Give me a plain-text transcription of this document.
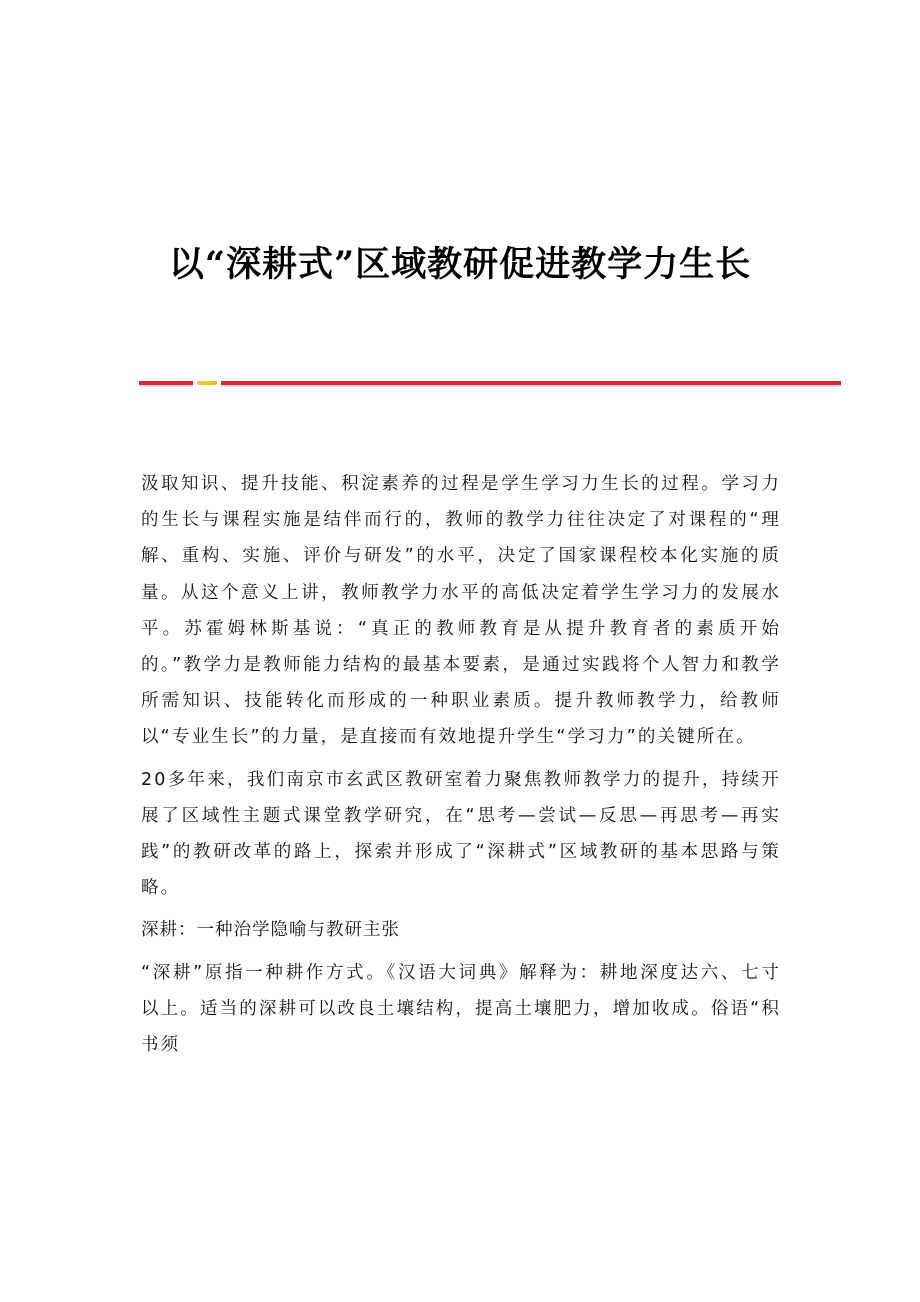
以“深耕式”区域教研促进教学力生长

汲取知识、提升技能、积淀素养的过程是学生学习力生长的过程。学习力的生长与课程实施是结伴而行的，教师的教学力往往决定了对课程的“理解、重构、实施、评价与研发”的水平，决定了国家课程校本化实施的质量。从这个意义上讲，教师教学力水平的高低决定着学生学习力的发展水平。苏霍姆林斯基说：“真正的教师教育是从提升教育者的素质开始的。”教学力是教师能力结构的最基本要素，是通过实践将个人智力和教学所需知识、技能转化而形成的一种职业素质。提升教师教学力，给教师以“专业生长”的力量，是直接而有效地提升学生“学习力”的关键所在。

20多年来，我们南京市玄武区教研室着力聚焦教师教学力的提升，持续开展了区域性主题式课堂教学研究，在“思考—尝试—反思—再思考—再实践”的教研改革的路上，探索并形成了“深耕式”区域教研的基本思路与策略。

深耕：一种治学隐喻与教研主张

“深耕”原指一种耕作方式。《汉语大词典》解释为：耕地深度达六、七寸以上。适当的深耕可以改良土壤结构，提高土壤肥力，增加收成。俗语“积书须
